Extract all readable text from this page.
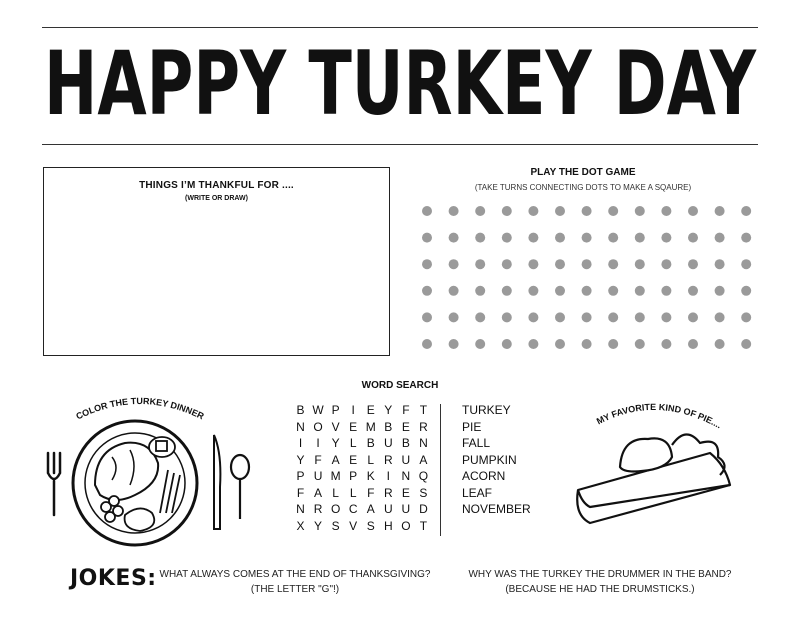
HAPPY TURKEY DAY
THINGS I’M THANKFUL FOR ....
(WRITE OR DRAW)
PLAY THE DOT GAME
(TAKE TURNS CONNECTING DOTS TO MAKE A SQAURE)
COLOR THE TURKEY DINNER
WORD SEARCH
B W P I E Y F T
N O V E M B E R
I	I Y L B U B N
Y F A E L R U A
P U M P K I N Q
F A L L F R E S
N R O C A U U D
X Y S V S H O T
TURKEY
PIE
FALL
PUMPKIN
ACORN
LEAF
NOVEMBER
MY FAVORITE KIND OF PIE....
JOKES: WHAT ALWAYS COMES AT THE END OF THANKSGIVING?
(THE LETTER "G"!)
WHY WAS THE TURKEY THE DRUMMER IN THE BAND?
(BECAUSE HE HAD THE DRUMSTICKS.)
